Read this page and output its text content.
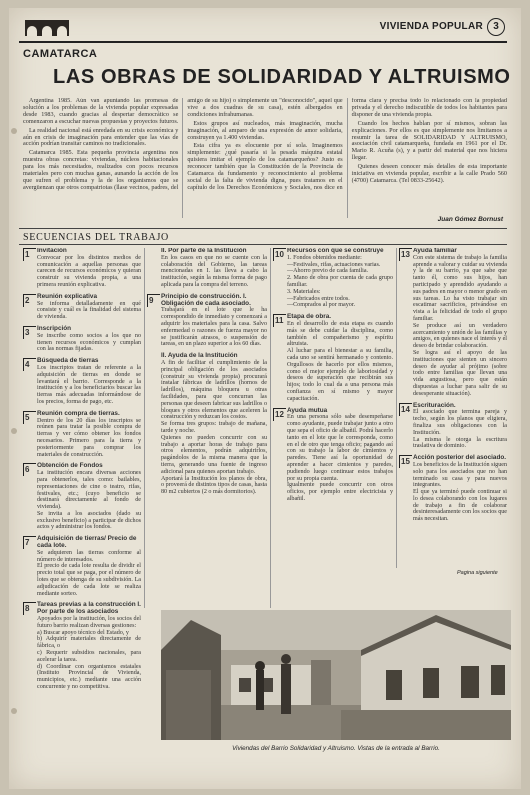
VIVIENDA POPULAR	3
CAMATARCA
LAS OBRAS DE SOLIDARIDAD Y ALTRUISMO

Argentina 1985. Aún van apuntando las promesas de solución a los problemas de la vivienda popular expresadas desde 1983, cuando gracias al despertar democrático se comenzaron a escuchar nuevas propuestas y proyectos futuros.

La realidad nacional está enredada en su crisis económica y aún en crisis de imaginación para entender que las vías de acción podrían transitar caminos no tradicionales.

Catamarca 1985. Esta pequeña provincia argentina nos muestra obras concretas: viviendas, núcleos habitacionales para los más necesitados, realizados con pocos recursos materiales pero con muchas ganas, aunando la acción de los que sufren el problema y la de los organismos que se avergüenzan que otros compatriotas (llase vecinos, padres, del amigo de su hijo) o simplemente un "desconocido", aquel que vive a dos cuadras de su casa), estén albergados en condiciones infrahumanas.

Estos grupos así nucleados, más imaginación, mucha imaginación, al amparo de una expresión de amor solidaria, construyen ya 1.400 viviendas.

Esta cifra ya es elocuente por sí sola. Imaginemos simplemente: ¿qué pasaría si la pesada máquina estatal quisiera imitar el ejemplo de los catamarqueños? Justo es reconocer también que la Constitución de la Provincia de Catamarca da fundamento y reconocimiento al problema social de la falta de vivienda digna, pues tratamos en el capítulo de los Derechos Económicos y Sociales, nos dice en forma clara y precisa todo lo relacionado con la propiedad privada y el derecho indiscutible de todos los habitantes para disponer de una vivienda propia.

Cuando los hechos hablan por sí mismos, sobran las explicaciones. Por ellos es que simplemente nos limitamos a resumir la tarea de SOLIDARIDAD Y ALTRUISMO, asociación civil catamarqueña, fundada en 1961 por el Dr. Mario R. Acuña (s), y a partir del material que nos hiciera llegar.

Quienes deseen conocer más detalles de esta importante iniciativa en vivienda popular, escribir a la calle Prado 560 (4700) Catamarca. (Tel 0833-25642).

Juan Gómez Bornust
SECUENCIAS DEL TRABAJO
1	Invitación
Convocar por los distintos medios de comunicación a aquellas personas que carecen de recursos económicos y quieran construir su vivienda propia, a una primera reunión explicativa.
2	Reunión explicativa
Se informa detalladamente en qué consiste y cuál es la finalidad del sistema de vivienda.
3	Inscripción
Se inscribe como socios a los que no tienen recursos económicos y cumplan con las normas fijadas.
4	Búsqueda de tierras
Los inscriptos tratan de referente a la adquisición de tierras en donde se levantará el barrio. Corresponde a la institución y a los beneficiarios buscar las tierras más adecuadas informándose de los precios, forma de pago, etc.
5	Reunión compra de tierras.
Dentro de los 20 días los inscriptos se reúnen para tratar la posible compra de tierras y ver cómo obtener los fondos necesarios. Primero para la tierra y posteriormente para comprar los materiales de construcción.
6	Obtención de Fondos
La institución encara diversas acciones para obtenerlos, tales como: bailables, representaciones de cine o teatro, rifas, festivales, etc.; (cuyo beneficio se destinará directamente al fondo de vivienda).
Se invita a los asociados (dado su exclusivo beneficio) a participar de dichos actos y administrar los fondos.
7	Adquisición de tierras/ Precio de cada lote.
Se adquieren las tierras conforme al número de interesados.
El precio de cada lote resulta de dividir el precio total que se paga, por el número de lotes que se obtenga de su subdivisión. La adjudicación de cada lote se realiza mediante sorteo.
8	Tareas previas a la construcción I. Por parte de los asociados
Apoyados por la institución, los socios del futuro barrio realizan diversas gestiones:
a) Buscar apoyo técnico del Estado, y
b) Adquirir materiales directamente de fábrica, o
c) Requerir subsidios nacionales, para acelerar la tarea.
d) Coordinar con organismos estatales (Instituto Provincial de Vivienda, municipios, etc.) mediante una acción concurrente y no competitiva.
II. Por parte de la Institución
En los casos en que no se cuente con la colaboración del Gobierno, las tareas mencionadas en I. las lleva a cabo la institución, según la misma forma de pago aplicada para la compra del terreno.
9	Principio de construcción. I. Obligación de cada asociado.
Trabajará en el lote que le ha correspondido de inmediato y comenzará a adquirir los materiales para la casa. Salvo enfermedad o razones de fuerza mayor no se justificarán atrasos, o suspensión de tareas, en un plazo superior a los 60 días.
II. Ayuda de la Institución
A fin de facilitar el cumplimiento de la principal obligación de los asociados (construir su vivienda propia) procurará instalar fábricas de ladrillos (hornos de ladrillos), máquina bloquera u otras facilidades, para que concurran las personas que deseen fabricar sus ladrillos o bloques y otros elementos que aceleren la construcción y reduzcan los costos.
Se forma tres grupos: trabajo de mañana, tarde y noche.
Quienes no pueden concurrir con su trabajo a aportar horas de trabajo para otros elementos, podrán adquirirlos, pagándolos de la misma manera que la tierra, generando una fuente de ingreso adicional para quienes aportan trabajo.
Aportará la Institución los planos de obra, o proveerá de distintos tipos de casas, hasta 80 m2 cubiertos (2 o más dormitorios).
10 Recursos con que se construye
1. Fondos obtenidos mediante:
—Festivales, rifas, actuaciones varias.
—Ahorro previo de cada familia.
2. Mano de obra por cuenta de cada grupo familiar.
3. Materiales:
—Fabricados entre todos.
—Comprados al por mayor.
11 Etapa de obra.
En el desarrollo de esta etapa es cuando más se debe cuidar la disciplina, como también el compañerismo y espíritu altruista.
Al luchar para el bienestar a su familia, cada uno se sentirá hermanado y contento. Orgullosos de hacerlo por ellos mismos, como el mejor ejemplo de laboriosidad y deseos de superación que recibirán sus hijos; todo lo cual da a una persona más confianza en sí mismo y mayor capacitación.
12 Ayuda mutua
En una persona sólo sabe desempeñarse como ayudante, puede trabajar junto a otro que sepa el oficio de albañil. Podrá hacerlo tanto en el lote que le corresponda, como en el de otro que tenga oficio; pagando así con su trabajo la labor de cimientos y paredes. Tiene así la oportunidad de aprender a hacer cimientos y paredes, pudiendo luego continuar estos trabajos por su propia cuenta.
Igualmente puede concurrir con otros oficios, por ejemplo entre electricista y albañil.
13 Ayuda familiar
Con este sistema de trabajo la familia aprende a valorar y cuidar su vivienda y la de su barrio, ya que sabe que tanto él, como sus hijos, han participado y aprendido ayudando a sus padres en mayor o menor grado en sus tareas. Lo ha visto trabajar sin escatimar sacrificios, privándose en vista a la felicidad de todo el grupo familiar.
Se produce así un verdadero acercamiento y unión de las familias y amigos, en quienes nace el interés y el deseo de brindar colaboración.
Se logra así el apoyo de las instituciones que sienten un sincero deseo de ayudar al prójimo (sobre todo entre familias que llevan una vida angustiosa, pero que están dispuestas a luchar para salir de su desesperante situación).
14 Escrituración.
El asociado que termina pareja y techo, según los planos que eligiera, finaliza sus obligaciones con la Institución.
La misma le otorga la escritura traslativa de dominio.
15 Acción posterior del asociado.
Los beneficios de la Institución siguen solo para los asociados que no han terminado su casa y para nuevos integrantes.
El que ya terminó puede continuar si lo desea colaborando con los lugares de trabajo a fin de colaborar desinteresadamente con los socios que más necesitan.
Pagina siguiente
Viviendas del Barrio Solidaridad y Altruismo. Vistas de la entrada al Barrio.
